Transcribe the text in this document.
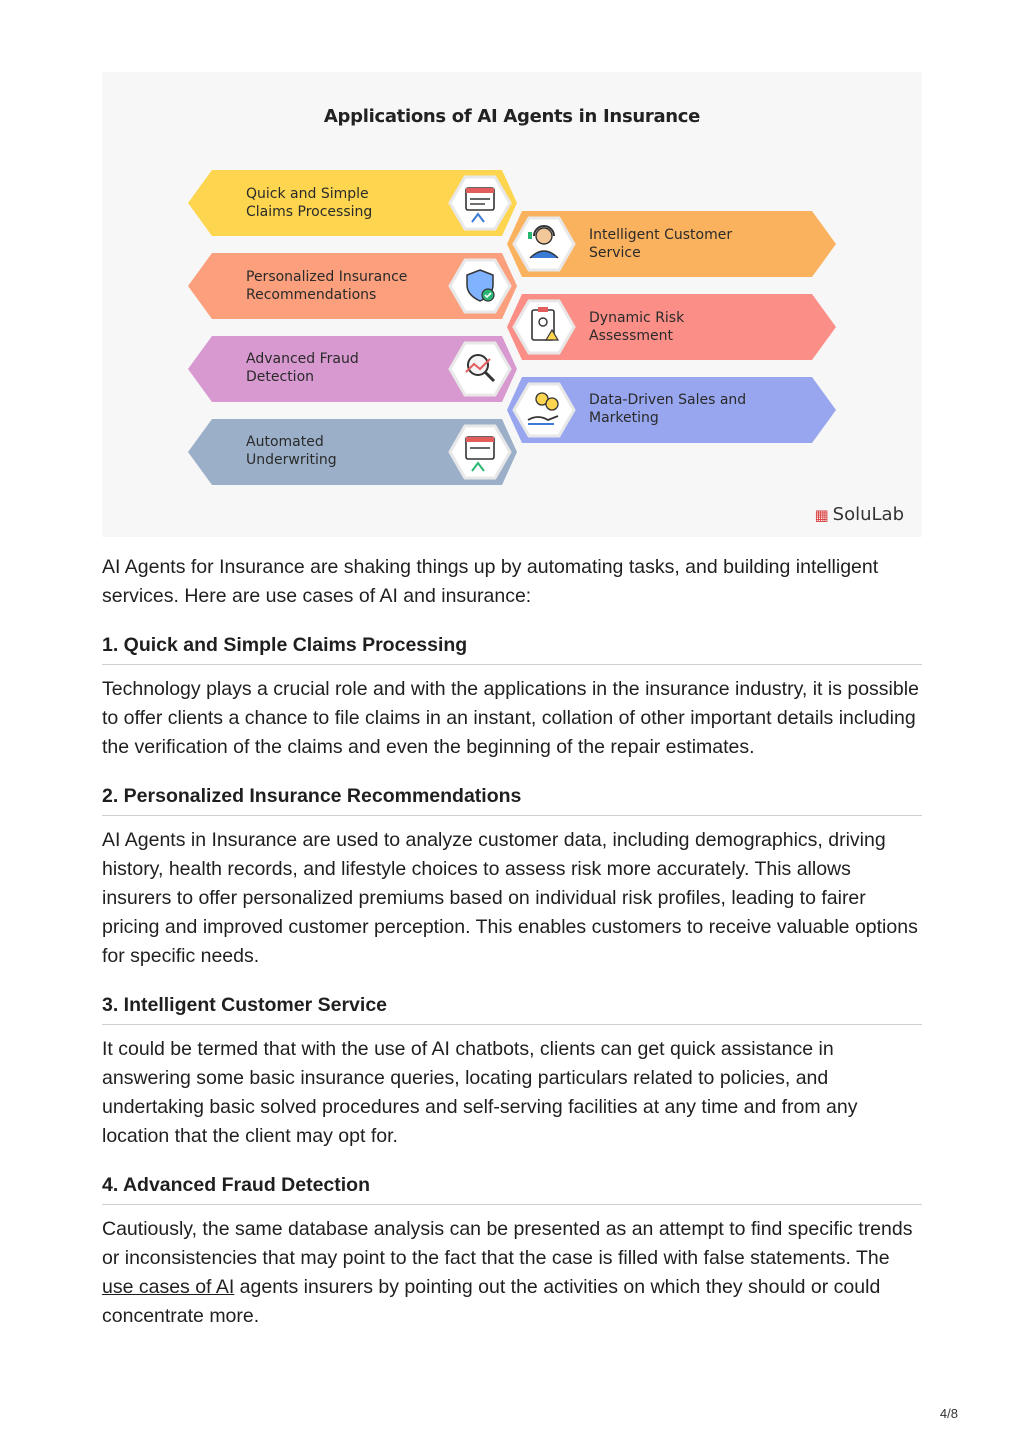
Applications of AI Agents in Insurance
Quick and Simple
Claims Processing
Personalized Insurance
Recommendations
Advanced Fraud
Detection
Automated
Underwriting
Intelligent Customer
Service
Dynamic Risk
Assessment
Data-Driven Sales and
Marketing
▦ SoluLab

AI Agents for Insurance are shaking things up by automating tasks, and building intelligent services. Here are use cases of AI and insurance:

1. Quick and Simple Claims Processing

Technology plays a crucial role and with the applications in the insurance industry, it is possible to offer clients a chance to file claims in an instant, collation of other important details including the verification of the claims and even the beginning of the repair estimates.

2. Personalized Insurance Recommendations

AI Agents in Insurance are used to analyze customer data, including demographics, driving history, health records, and lifestyle choices to assess risk more accurately. This allows insurers to offer personalized premiums based on individual risk profiles, leading to fairer pricing and improved customer perception. This enables customers to receive valuable options for specific needs.

3. Intelligent Customer Service

It could be termed that with the use of AI chatbots, clients can get quick assistance in answering some basic insurance queries, locating particulars related to policies, and undertaking basic solved procedures and self-serving facilities at any time and from any location that the client may opt for.

4. Advanced Fraud Detection

Cautiously, the same database analysis can be presented as an attempt to find specific trends or inconsistencies that may point to the fact that the case is filled with false statements. The use cases of AI agents insurers by pointing out the activities on which they should or could concentrate more.

4/8
